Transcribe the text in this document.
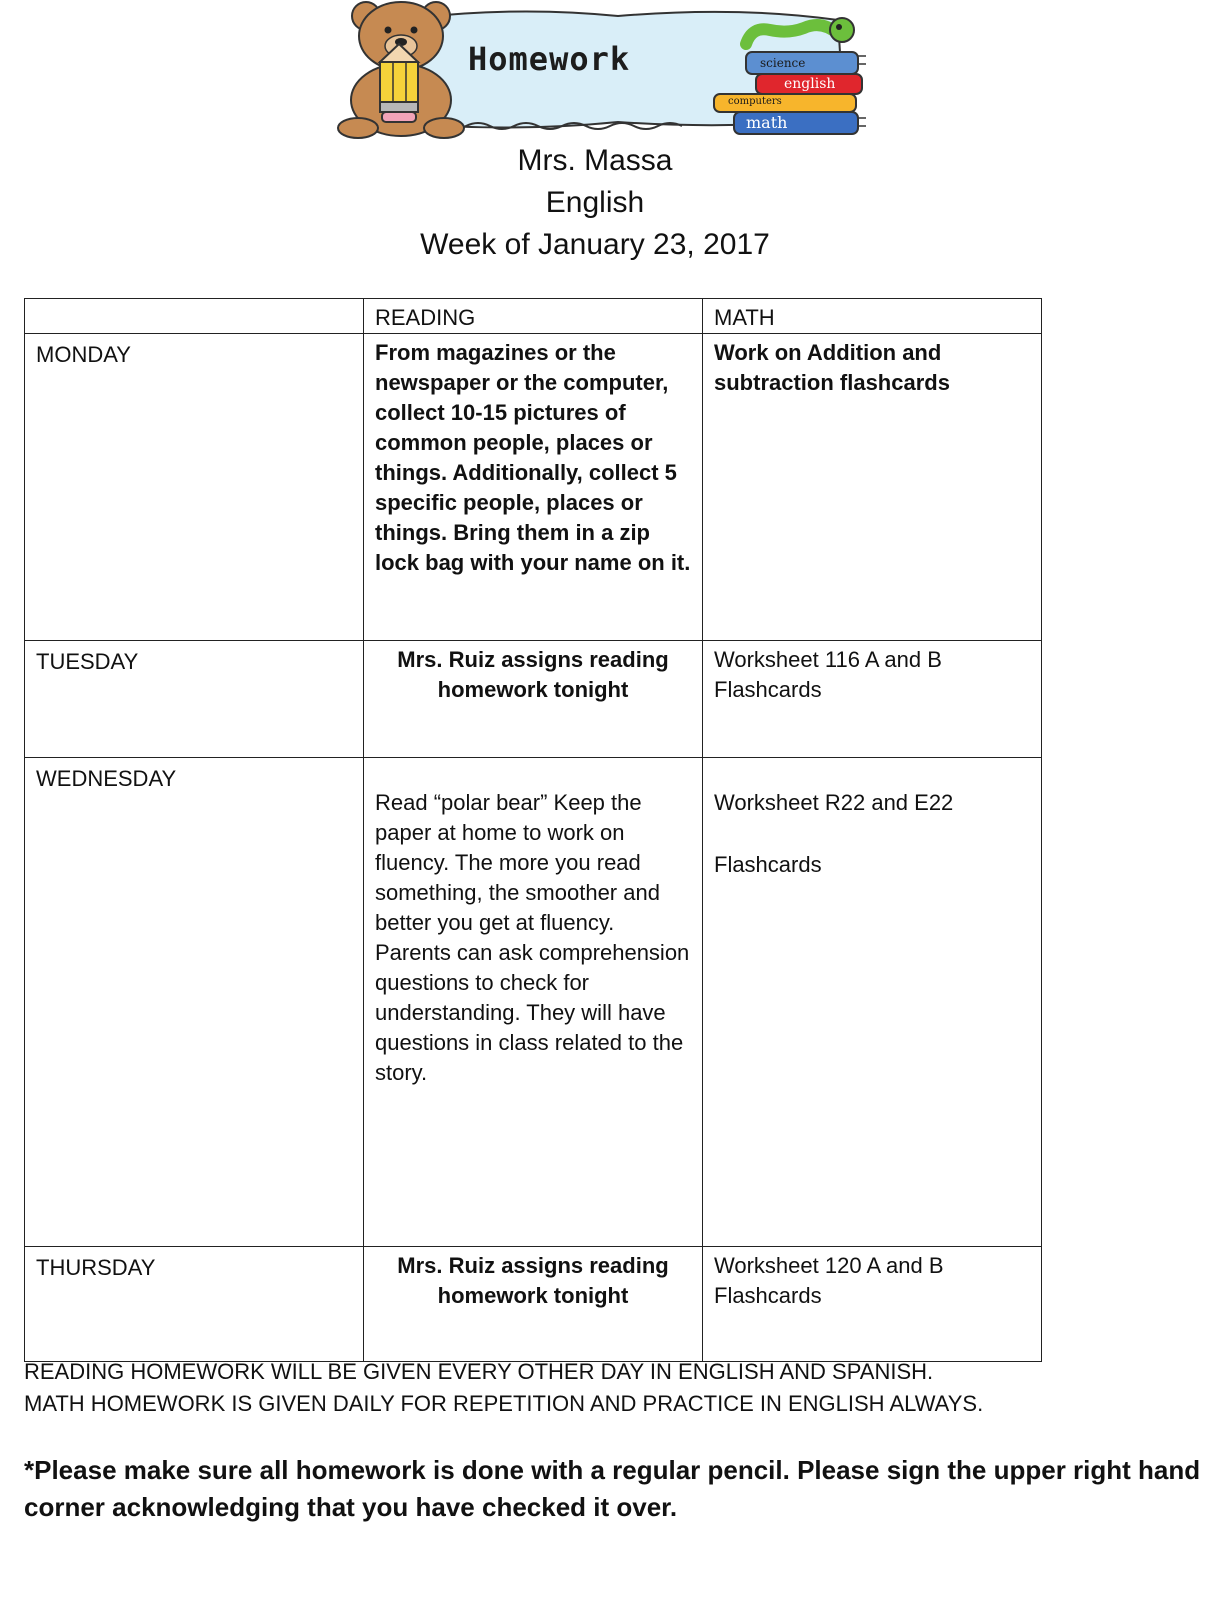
Homework	science
english
computers
math
Mrs. Massa
English
Week of January 23, 2017
	READING	MATH
MONDAY	From magazines or the newspaper or the computer, collect 10-15 pictures of common people, places or things. Additionally, collect 5 specific people, places or things. Bring them in a zip lock bag with your name on it.	Work on Addition and subtraction flashcards
TUESDAY	Mrs. Ruiz assigns reading homework tonight	Worksheet 116 A and B
Flashcards

WEDNESDAY	Read “polar bear” Keep the paper at home to work on fluency. The more you read something, the smoother and better you get at fluency. Parents can ask comprehension questions to check for understanding. They will have questions in class related to the story.	Worksheet R22 and E22
Flashcards

THURSDAY	Mrs. Ruiz assigns reading homework tonight	Worksheet 120 A and B
Flashcards
READING HOMEWORK WILL BE GIVEN EVERY OTHER DAY IN ENGLISH AND SPANISH.
MATH HOMEWORK IS GIVEN DAILY FOR REPETITION AND PRACTICE IN ENGLISH ALWAYS.
*Please make sure all homework is done with a regular pencil. Please sign the upper right hand corner acknowledging that you have checked it over.
